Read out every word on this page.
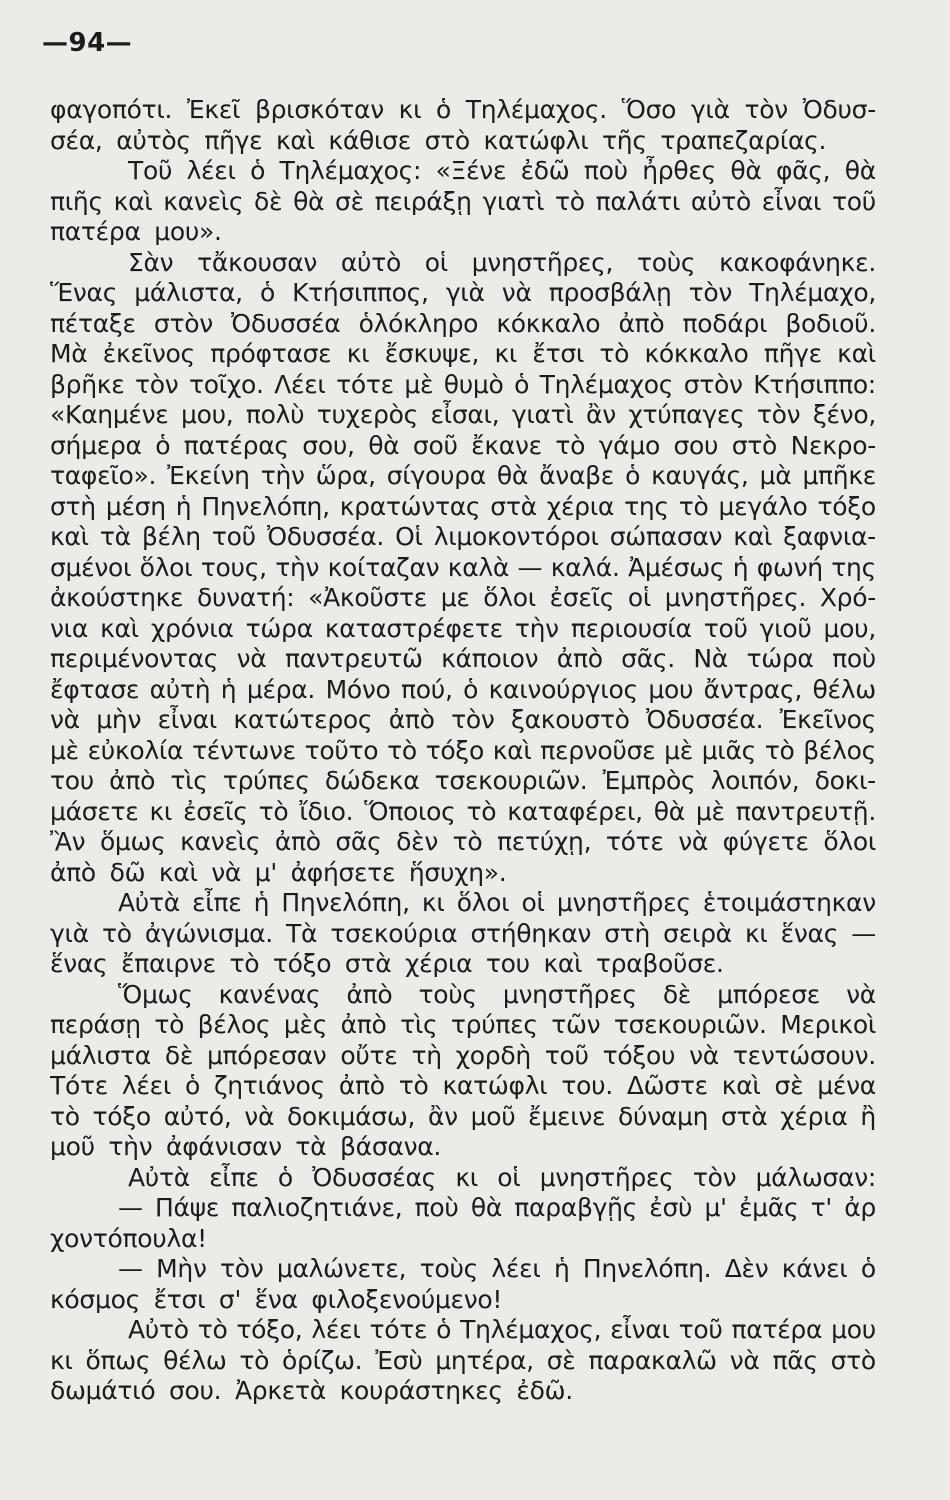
—94—
φαγοπότι. Ἐκεῖ βρισκόταν κι ὁ Τηλέμαχος. Ὅσο γιὰ τὸν Ὀδυσ-
σέα, αὐτὸς πῆγε καὶ κάθισε στὸ κατώφλι τῆς τραπεζαρίας.
Τοῦ λέει ὁ Τηλέμαχος: «Ξένε ἐδῶ ποὺ ἦρθες θὰ φᾶς, θὰ
πιῆς καὶ κανεὶς δὲ θὰ σὲ πειράξῃ γιατὶ τὸ παλάτι αὐτὸ εἶναι τοῦ
πατέρα μου».
Σὰν τἄκουσαν αὐτὸ οἱ μνηστῆρες, τοὺς κακοφάνηκε.
Ἕνας μάλιστα, ὁ Κτήσιππος, γιὰ νὰ προσβάλῃ τὸν Τηλέμαχο,
πέταξε στὸν Ὀδυσσέα ὁλόκληρο κόκκαλο ἀπὸ ποδάρι βοδιοῦ.
Μὰ ἐκεῖνος πρόφτασε κι ἔσκυψε, κι ἔτσι τὸ κόκκαλο πῆγε καὶ
βρῆκε τὸν τοῖχο. Λέει τότε μὲ θυμὸ ὁ Τηλέμαχος στὸν Κτήσιππο:
«Καημένε μου, πολὺ τυχερὸς εἶσαι, γιατὶ ἂν χτύπαγες τὸν ξένο,
σήμερα ὁ πατέρας σου, θὰ σοῦ ἔκανε τὸ γάμο σου στὸ Νεκρο-
ταφεῖο». Ἐκείνη τὴν ὥρα, σίγουρα θὰ ἄναβε ὁ καυγάς, μὰ μπῆκε
στὴ μέση ἡ Πηνελόπη, κρατώντας στὰ χέρια της τὸ μεγάλο τόξο
καὶ τὰ βέλη τοῦ Ὀδυσσέα. Οἱ λιμοκοντόροι σώπασαν καὶ ξαφνια-
σμένοι ὅλοι τους, τὴν κοίταζαν καλὰ — καλά. Ἀμέσως ἡ φωνή της
ἀκούστηκε δυνατή: «Ἀκοῦστε με ὅλοι ἐσεῖς οἱ μνηστῆρες. Χρό-
νια καὶ χρόνια τώρα καταστρέφετε τὴν περιουσία τοῦ γιοῦ μου,
περιμένοντας νὰ παντρευτῶ κάποιον ἀπὸ σᾶς. Νὰ τώρα ποὺ
ἔφτασε αὐτὴ ἡ μέρα. Μόνο πού, ὁ καινούργιος μου ἄντρας, θέλω
νὰ μὴν εἶναι κατώτερος ἀπὸ τὸν ξακουστὸ Ὀδυσσέα. Ἐκεῖνος
μὲ εὐκολία τέντωνε τοῦτο τὸ τόξο καὶ περνοῦσε μὲ μιᾶς τὸ βέλος
του ἀπὸ τὶς τρύπες δώδεκα τσεκουριῶν. Ἐμπρὸς λοιπόν, δοκι-
μάσετε κι ἐσεῖς τὸ ἴδιο. Ὅποιος τὸ καταφέρει, θὰ μὲ παντρευτῇ.
Ἂν ὅμως κανεὶς ἀπὸ σᾶς δὲν τὸ πετύχῃ, τότε νὰ φύγετε ὅλοι
ἀπὸ δῶ καὶ νὰ μ' ἀφήσετε ἥσυχη».
Αὐτὰ εἶπε ἡ Πηνελόπη, κι ὅλοι οἱ μνηστῆρες ἑτοιμάστηκαν
γιὰ τὸ ἀγώνισμα. Τὰ τσεκούρια στήθηκαν στὴ σειρὰ κι ἕνας —
ἕνας ἔπαιρνε τὸ τόξο στὰ χέρια του καὶ τραβοῦσε.
Ὅμως κανένας ἀπὸ τοὺς μνηστῆρες δὲ μπόρεσε νὰ
περάσῃ τὸ βέλος μὲς ἀπὸ τὶς τρύπες τῶν τσεκουριῶν. Μερικοὶ
μάλιστα δὲ μπόρεσαν οὔτε τὴ χορδὴ τοῦ τόξου νὰ τεντώσουν.
Τότε λέει ὁ ζητιάνος ἀπὸ τὸ κατώφλι του. Δῶστε καὶ σὲ μένα
τὸ τόξο αὐτό, νὰ δοκιμάσω, ἂν μοῦ ἔμεινε δύναμη στὰ χέρια ἢ
μοῦ τὴν ἀφάνισαν τὰ βάσανα.
Αὐτὰ εἶπε ὁ Ὀδυσσέας κι οἱ μνηστῆρες τὸν μάλωσαν:
— Πάψε παλιοζητιάνε, ποὺ θὰ παραβγῇς ἐσὺ μ' ἐμᾶς τ' ἀρ
χοντόπουλα!
— Μὴν τὸν μαλώνετε, τοὺς λέει ἡ Πηνελόπη. Δὲν κάνει ὁ
κόσμος ἔτσι σ' ἕνα φιλοξενούμενο!
Αὐτὸ τὸ τόξο, λέει τότε ὁ Τηλέμαχος, εἶναι τοῦ πατέρα μου
κι ὅπως θέλω τὸ ὁρίζω. Ἐσὺ μητέρα, σὲ παρακαλῶ νὰ πᾶς στὸ
δωμάτιό σου. Ἀρκετὰ κουράστηκες ἐδῶ.
